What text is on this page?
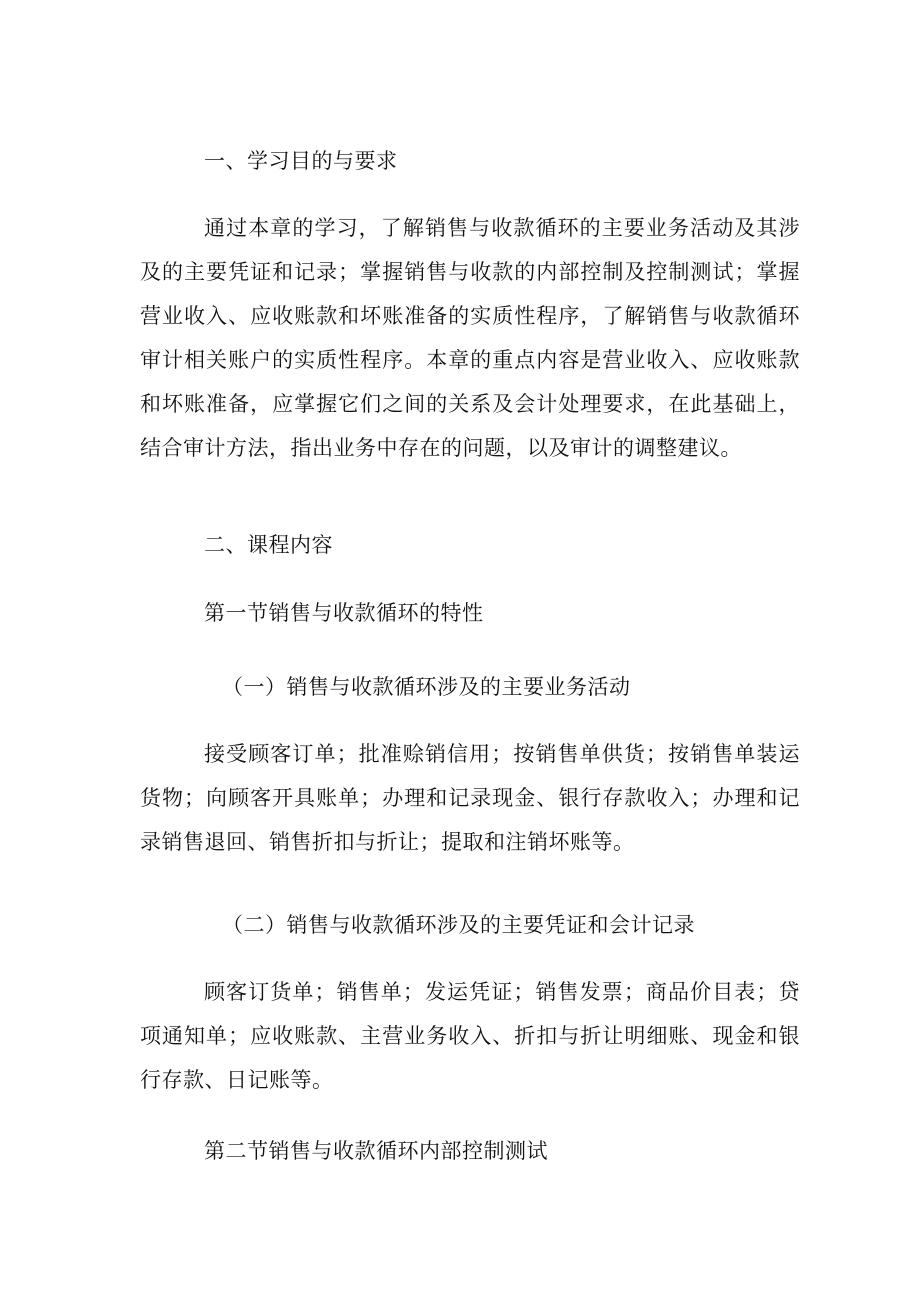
一、学习目的与要求

通过本章的学习，了解销售与收款循环的主要业务活动及其涉及的主要凭证和记录；掌握销售与收款的内部控制及控制测试；掌握营业收入、应收账款和坏账准备的实质性程序，了解销售与收款循环审计相关账户的实质性程序。本章的重点内容是营业收入、应收账款和坏账准备，应掌握它们之间的关系及会计处理要求，在此基础上，结合审计方法，指出业务中存在的问题，以及审计的调整建议。

二、课程内容

第一节销售与收款循环的特性

（一）销售与收款循环涉及的主要业务活动

接受顾客订单；批准赊销信用；按销售单供货；按销售单装运货物；向顾客开具账单；办理和记录现金、银行存款收入；办理和记录销售退回、销售折扣与折让；提取和注销坏账等。

（二）销售与收款循环涉及的主要凭证和会计记录

顾客订货单；销售单；发运凭证；销售发票；商品价目表；贷项通知单；应收账款、主营业务收入、折扣与折让明细账、现金和银行存款、日记账等。

第二节销售与收款循环内部控制测试
